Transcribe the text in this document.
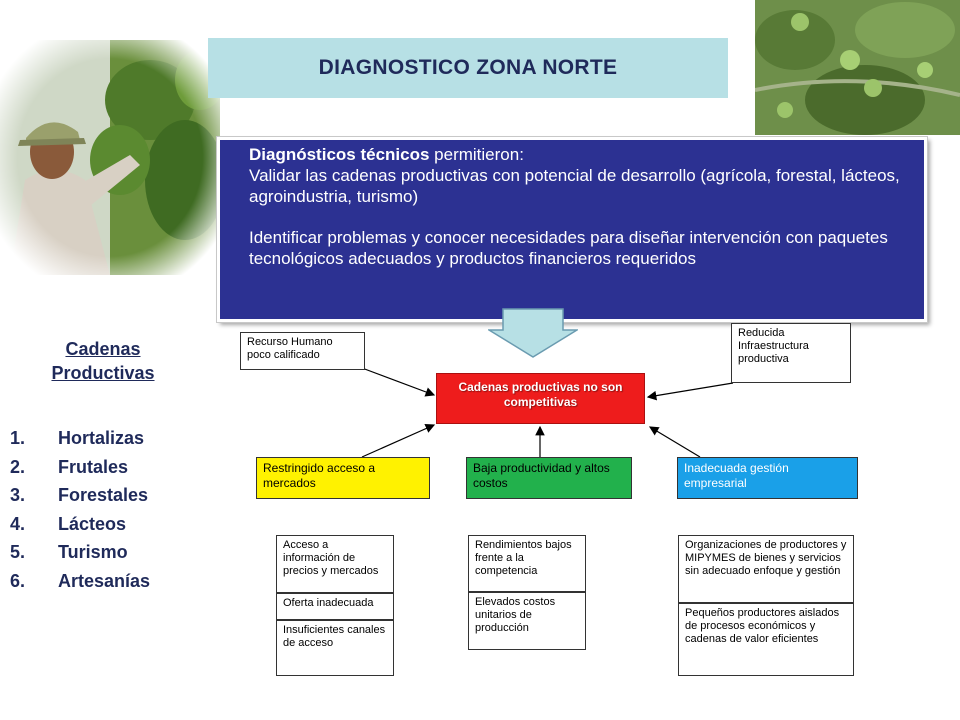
DIAGNOSTICO ZONA NORTE

Diagnósticos técnicos permitieron:

Validar las cadenas productivas con potencial de desarrollo (agrícola, forestal, lácteos, agroindustria, turismo)

Identificar problemas y conocer necesidades para diseñar intervención con paquetes tecnológicos adecuados y productos financieros requeridos

Recurso Humano poco calificado
Reducida Infraestructura productiva
Cadenas productivas no son competitivas
Restringido acceso a mercados
Baja productividad y altos costos
Inadecuada gestión empresarial
Acceso a información de precios y mercados
Oferta inadecuada
Insuficientes canales de acceso
Rendimientos bajos frente a la competencia
Elevados costos unitarios de producción
Organizaciones de productores y MIPYMES de bienes y servicios sin adecuado enfoque y gestión
Pequeños productores aislados de procesos económicos y cadenas de valor eficientes
Cadenas
Productivas
1.	Hortalizas
2.	Frutales
3.	Forestales
4.	Lácteos
5.	Turismo
6.	Artesanías
